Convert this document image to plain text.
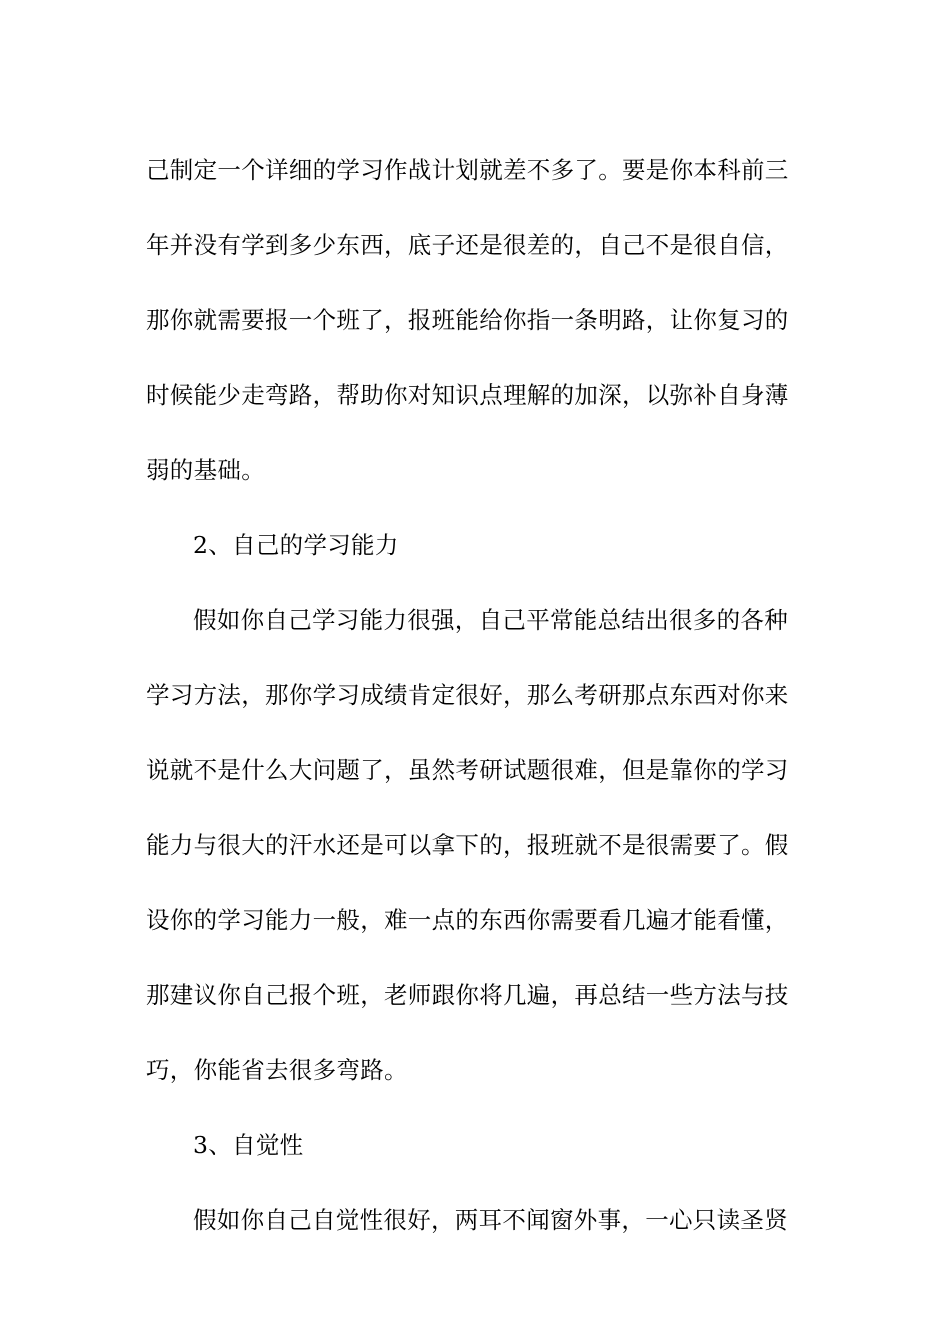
己制定一个详细的学习作战计划就差不多了。要是你本科前三
年并没有学到多少东西，底子还是很差的，自己不是很自信，
那你就需要报一个班了，报班能给你指一条明路，让你复习的
时候能少走弯路，帮助你对知识点理解的加深，以弥补自身薄
弱的基础。
2、自己的学习能力
假如你自己学习能力很强，自己平常能总结出很多的各种
学习方法，那你学习成绩肯定很好，那么考研那点东西对你来
说就不是什么大问题了，虽然考研试题很难，但是靠你的学习
能力与很大的汗水还是可以拿下的，报班就不是很需要了。假
设你的学习能力一般，难一点的东西你需要看几遍才能看懂，
那建议你自己报个班，老师跟你将几遍，再总结一些方法与技
巧，你能省去很多弯路。
3、自觉性
假如你自己自觉性很好，两耳不闻窗外事，一心只读圣贤
